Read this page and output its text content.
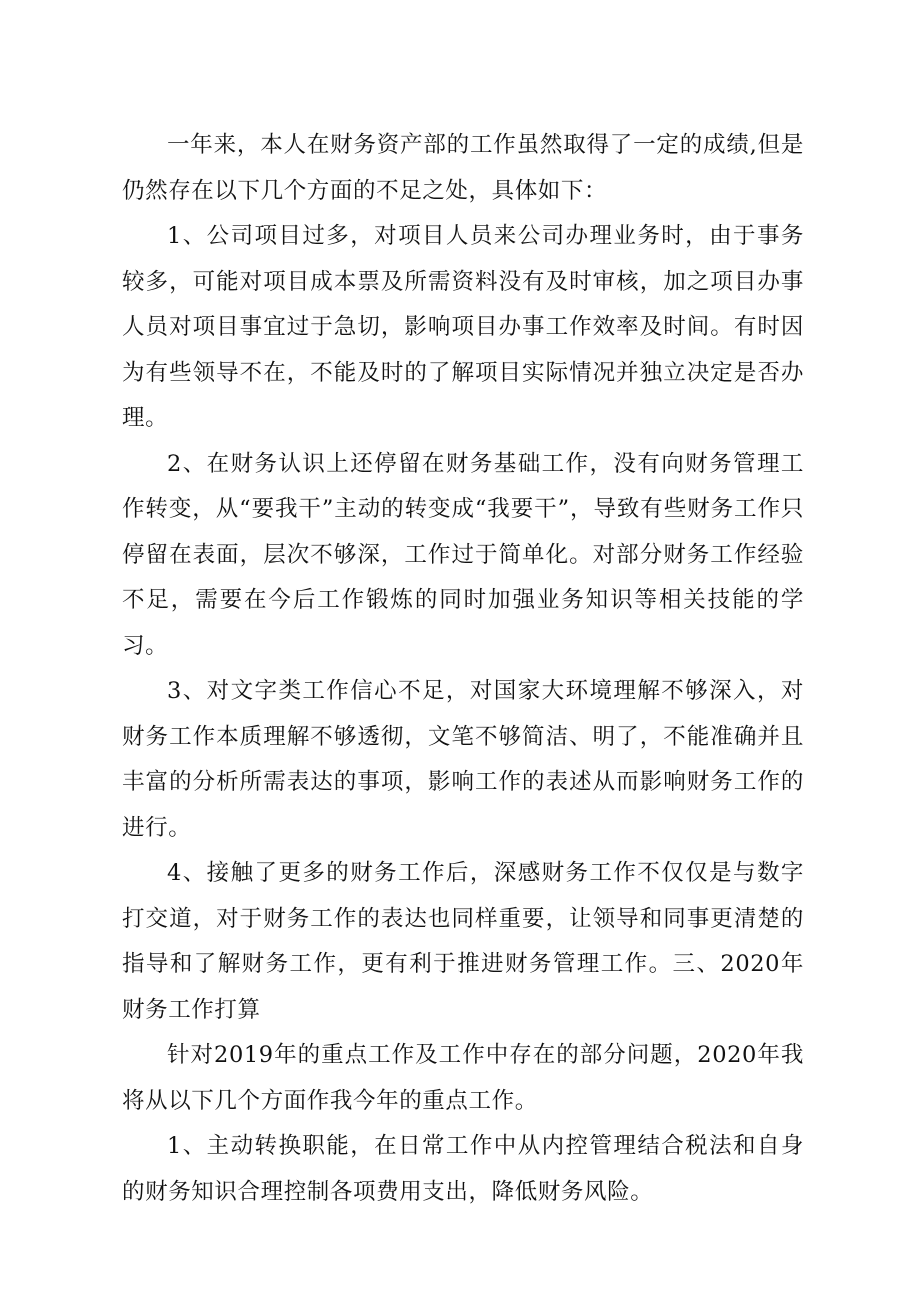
一年来，本人在财务资产部的工作虽然取得了一定的成绩,但是仍然存在以下几个方面的不足之处，具体如下：

1、公司项目过多，对项目人员来公司办理业务时，由于事务较多，可能对项目成本票及所需资料没有及时审核，加之项目办事人员对项目事宜过于急切，影响项目办事工作效率及时间。有时因为有些领导不在，不能及时的了解项目实际情况并独立决定是否办理。

2、在财务认识上还停留在财务基础工作，没有向财务管理工作转变，从“要我干”主动的转变成“我要干”，导致有些财务工作只停留在表面，层次不够深，工作过于简单化。对部分财务工作经验不足，需要在今后工作锻炼的同时加强业务知识等相关技能的学习。

3、对文字类工作信心不足，对国家大环境理解不够深入，对财务工作本质理解不够透彻，文笔不够简洁、明了，不能准确并且丰富的分析所需表达的事项，影响工作的表述从而影响财务工作的进行。

4、接触了更多的财务工作后，深感财务工作不仅仅是与数字打交道，对于财务工作的表达也同样重要，让领导和同事更清楚的指导和了解财务工作，更有利于推进财务管理工作。三、2020年财务工作打算

针对2019年的重点工作及工作中存在的部分问题，2020年我将从以下几个方面作我今年的重点工作。

1、主动转换职能，在日常工作中从内控管理结合税法和自身的财务知识合理控制各项费用支出，降低财务风险。
